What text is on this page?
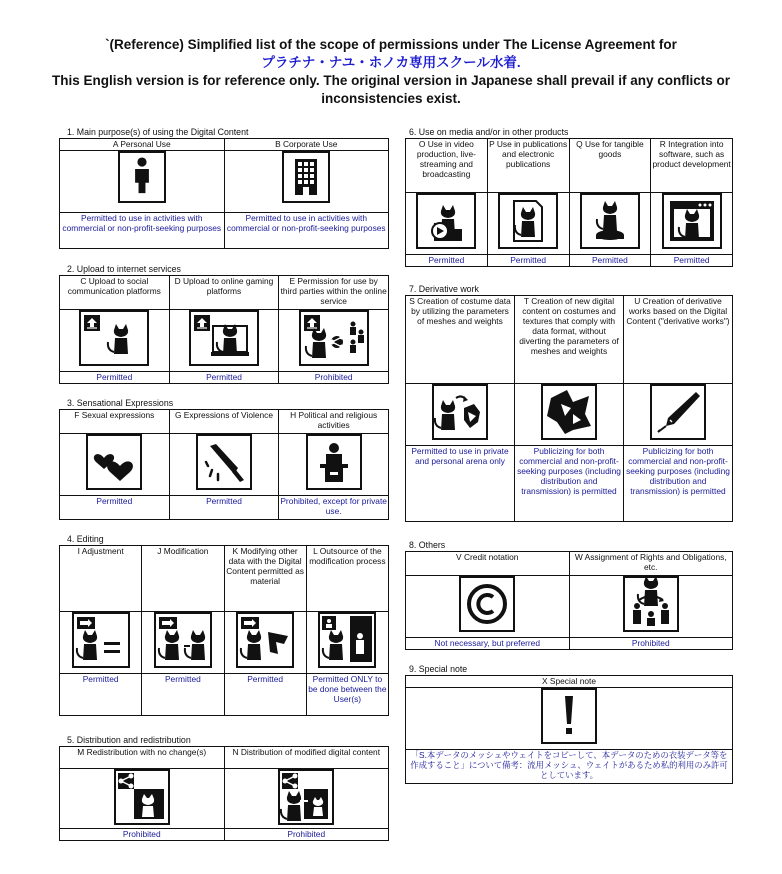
`(Reference) Simplified list of the scope of permissions under The License Agreement for
プラチナ・ナユ・ホノカ専用スクール水着.
This English version is for reference only. The original version in Japanese shall prevail if any conflicts or
inconsistencies exist.
1. Main purpose(s) of using the Digital Content
A Personal Use	B Corporate Use

Permitted to use in activities with commercial or non-profit-seeking purposes	Permitted to use in activities with commercial or non-profit-seeking purposes
2. Upload to internet services
C Upload to social communication platforms	D Upload to online gaming platforms	E Permission for use by third parties within the online service

Permitted	Permitted	Prohibited
3. Sensational Expressions
F Sexual expressions	G Expressions of Violence	H Political and religious activities

Permitted	Permitted	Prohibited, except for private use.
4. Editing
I Adjustment	J Modification	K Modifying other data with the Digital Content permitted as material	L Outsource of the modification process

Permitted	Permitted	Permitted	Permitted ONLY to be done between the User(s)
5. Distribution and redistribution
M Redistribution with no change(s)	N Distribution of modified digital content

Prohibited	Prohibited
6. Use on media and/or in other products
O Use in video production, live-streaming and broadcasting	P Use in publications and electronic publications	Q Use for tangible goods	R Integration into software, such as product development

Permitted	Permitted	Permitted	Permitted
7. Derivative work
S Creation of costume data by utilizing the parameters of meshes and weights	T Creation of new digital content on costumes and textures that comply with data format, without diverting the parameters of meshes and weights	U Creation of derivative works based on the Digital Content ("derivative works")

Permitted to use in private and personal arena only	Publicizing for both commercial and non-profit-seeking purposes (including distribution and transmission) is permitted	Publicizing for both commercial and non-profit-seeking purposes (including distribution and transmission) is permitted
8. Others
V Credit notation	W Assignment of Rights and Obligations, etc.

Not necessary, but preferred	Prohibited
9. Special note
X Special note

「S.本データのメッシュやウェイトをコピーして、本データのための衣装データ等を作成すること」について備考：流用メッシュ、ウェイトがあるため私的利用のみ許可としています。
